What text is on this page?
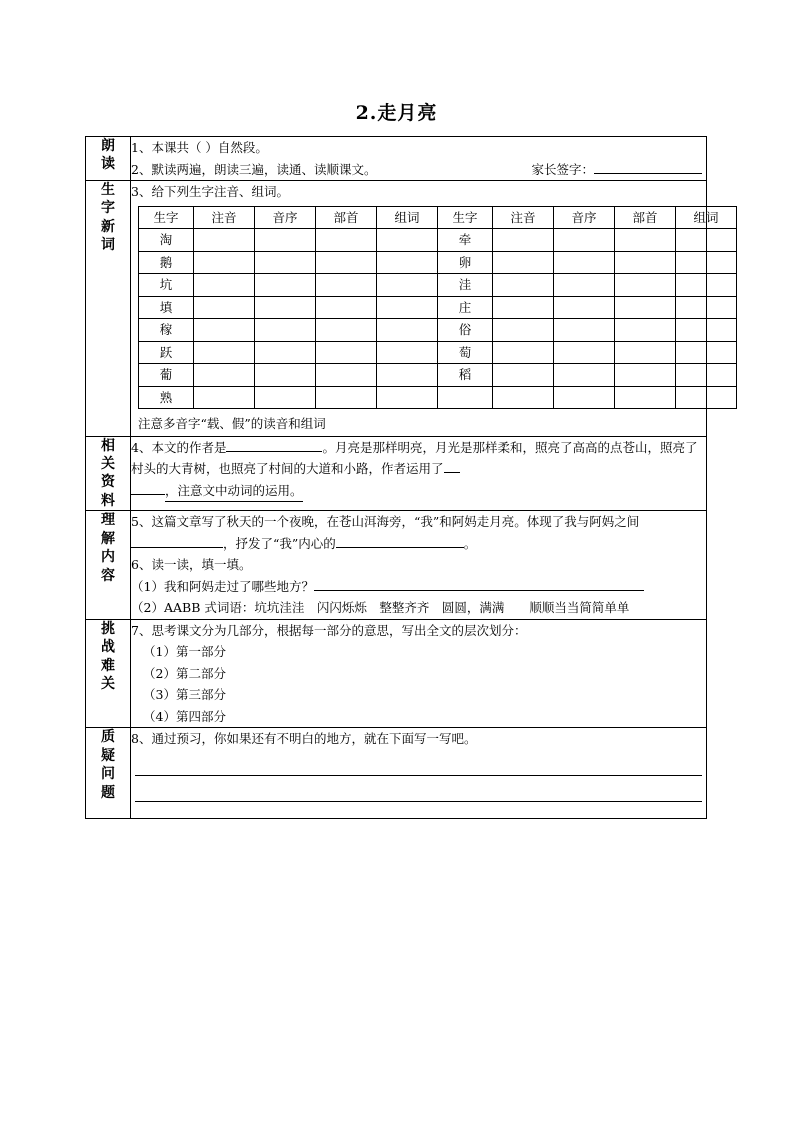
2.走月亮
朗
读

1、本课共（ ）自然段。
2、默读两遍，朗读三遍，读通、读顺课文。	家长签字：

生
字
新
词

3、给下列生字注音、组词。
生字	注音	音序	部首	组词	生字	注音	音序	部首	组词
淘					牵				
鹅					卵				
坑					洼				
填					庄				
稼					俗				
跃					萄				
葡					稻				
熟									
注意多音字“载、假”的读音和组词

相
关
资
料

4、本文的作者是	。月亮是那样明亮，月光是那样柔和，照亮了高高的点苍山，照亮了村头的大青树，也照亮了村间的大道和小路，作者运用了
，注意文中动词的运用。

理
解
内
容

5、这篇文章写了秋天的一个夜晚，在苍山洱海旁，“我”和阿妈走月亮。体现了我与阿妈之间，抒发了“我”内心的	。
6、读一读，填一填。
（1）我和阿妈走过了哪些地方？
（2）AABB 式词语：坑坑洼洼　闪闪烁烁　整整齐齐　圆圆，满满　　顺顺当当简简单单

挑
战
难
关

7、思考课文分为几部分，根据每一部分的意思，写出全文的层次划分：
（1）第一部分
（2）第二部分
（3）第三部分
（4）第四部分

质
疑
问
题

8、通过预习，你如果还有不明白的地方，就在下面写一写吧。
